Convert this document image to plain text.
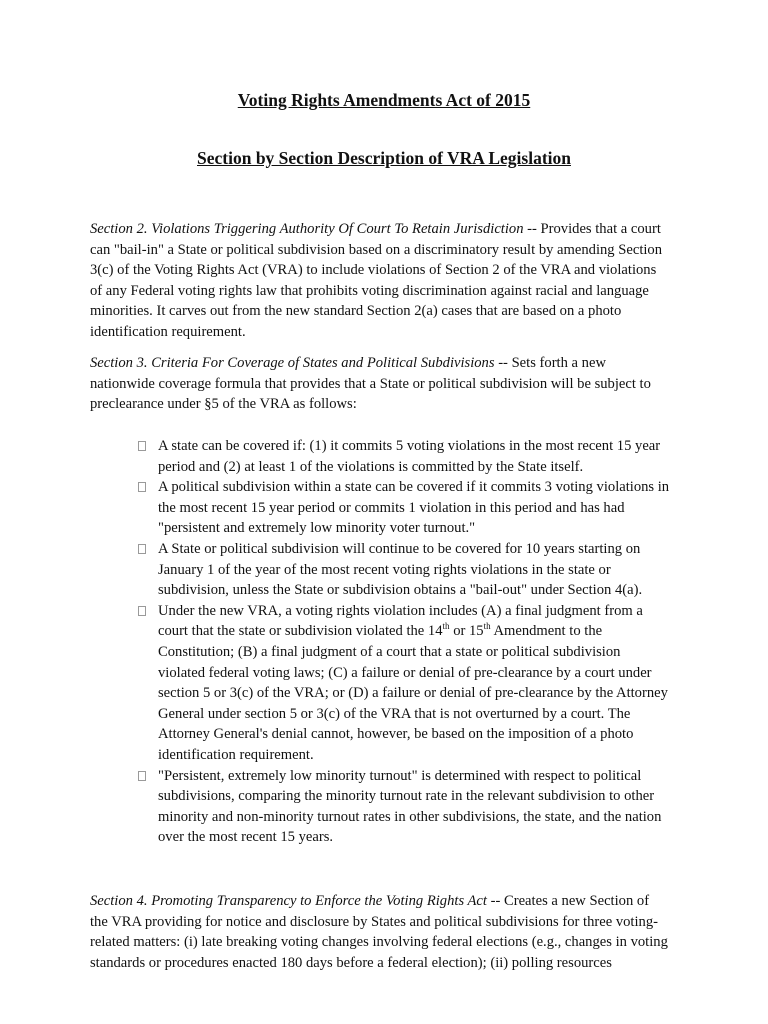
Voting Rights Amendments Act of 2015
Section by Section Description of VRA Legislation

Section 2. Violations Triggering Authority Of Court To Retain Jurisdiction -- Provides that a court can "bail-in" a State or political subdivision based on a discriminatory result by amending Section 3(c) of the Voting Rights Act (VRA) to include violations of Section 2 of the VRA and violations of any Federal voting rights law that prohibits voting discrimination against racial and language minorities. It carves out from the new standard Section 2(a) cases that are based on a photo identification requirement.

Section 3. Criteria For Coverage of States and Political Subdivisions -- Sets forth a new nationwide coverage formula that provides that a State or political subdivision will be subject to preclearance under §5 of the VRA as follows:

A state can be covered if: (1) it commits 5 voting violations in the most recent 15 year period and (2) at least 1 of the violations is committed by the State itself.
A political subdivision within a state can be covered if it commits 3 voting violations in the most recent 15 year period or commits 1 violation in this period and has had "persistent and extremely low minority voter turnout."
A State or political subdivision will continue to be covered for 10 years starting on January 1 of the year of the most recent voting rights violations in the state or subdivision, unless the State or subdivision obtains a "bail-out" under Section 4(a).
Under the new VRA, a voting rights violation includes (A) a final judgment from a court that the state or subdivision violated the 14th or 15th Amendment to the Constitution; (B) a final judgment of a court that a state or political subdivision violated federal voting laws; (C) a failure or denial of pre-clearance by a court under section 5 or 3(c) of the VRA; or (D) a failure or denial of pre-clearance by the Attorney General under section 5 or 3(c) of the VRA that is not overturned by a court. The Attorney General's denial cannot, however, be based on the imposition of a photo identification requirement.
"Persistent, extremely low minority turnout" is determined with respect to political subdivisions, comparing the minority turnout rate in the relevant subdivision to other minority and non-minority turnout rates in other subdivisions, the state, and the nation over the most recent 15 years.

Section 4. Promoting Transparency to Enforce the Voting Rights Act -- Creates a new Section of the VRA providing for notice and disclosure by States and political subdivisions for three voting-related matters: (i) late breaking voting changes involving federal elections (e.g., changes in voting standards or procedures enacted 180 days before a federal election); (ii) polling resources
